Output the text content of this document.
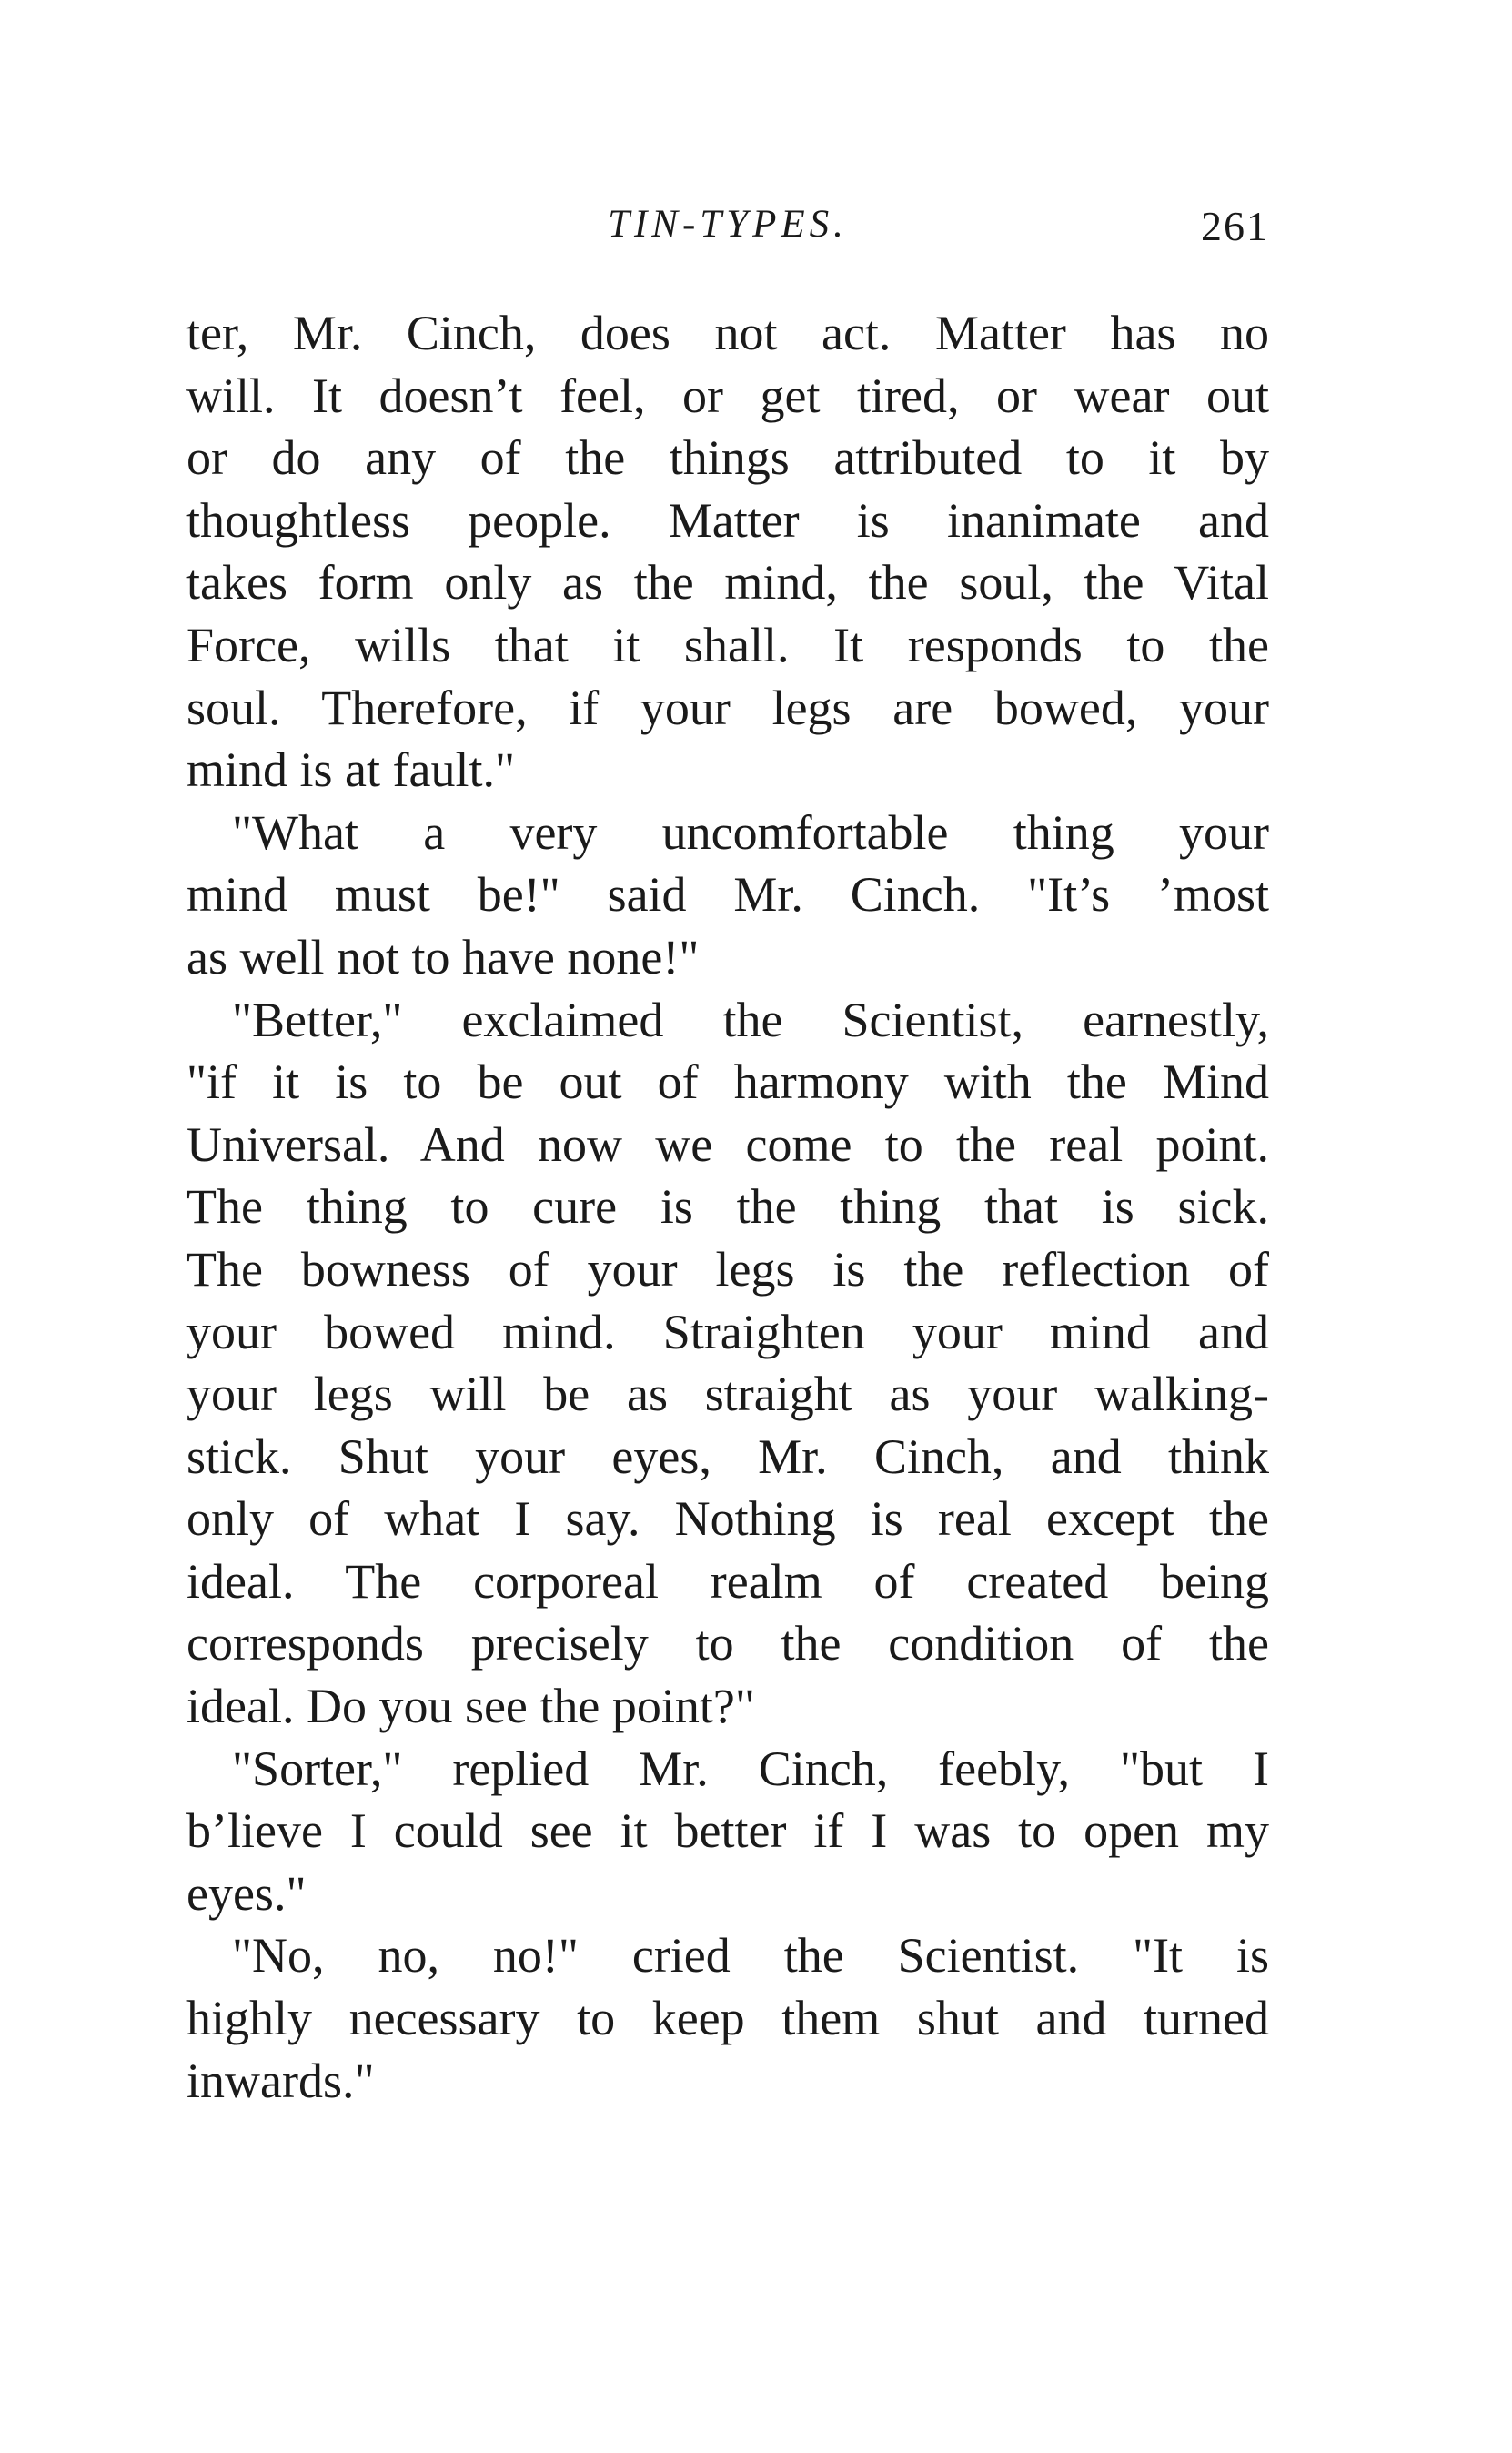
TIN-TYPES.	261
ter, Mr. Cinch, does not act. Matter has no
will. It doesn’t feel, or get tired, or wear out
or do any of the things attributed to it by
thoughtless people. Matter is inanimate and
takes form only as the mind, the soul, the Vital
Force, wills that it shall. It responds to the
soul. Therefore, if your legs are bowed, your
mind is at fault."
"What a very uncomfortable thing your
mind must be!" said Mr. Cinch. "It’s ’most
as well not to have none!"
"Better," exclaimed the Scientist, earnestly,
"if it is to be out of harmony with the Mind
Universal. And now we come to the real point.
The thing to cure is the thing that is sick.
The bowness of your legs is the reflection of
your bowed mind. Straighten your mind and
your legs will be as straight as your walking-
stick. Shut your eyes, Mr. Cinch, and think
only of what I say. Nothing is real except the
ideal. The corporeal realm of created being
corresponds precisely to the condition of the
ideal. Do you see the point?"
"Sorter," replied Mr. Cinch, feebly, "but I
b’lieve I could see it better if I was to open my
eyes."
"No, no, no!" cried the Scientist. "It is
highly necessary to keep them shut and turned
inwards."
